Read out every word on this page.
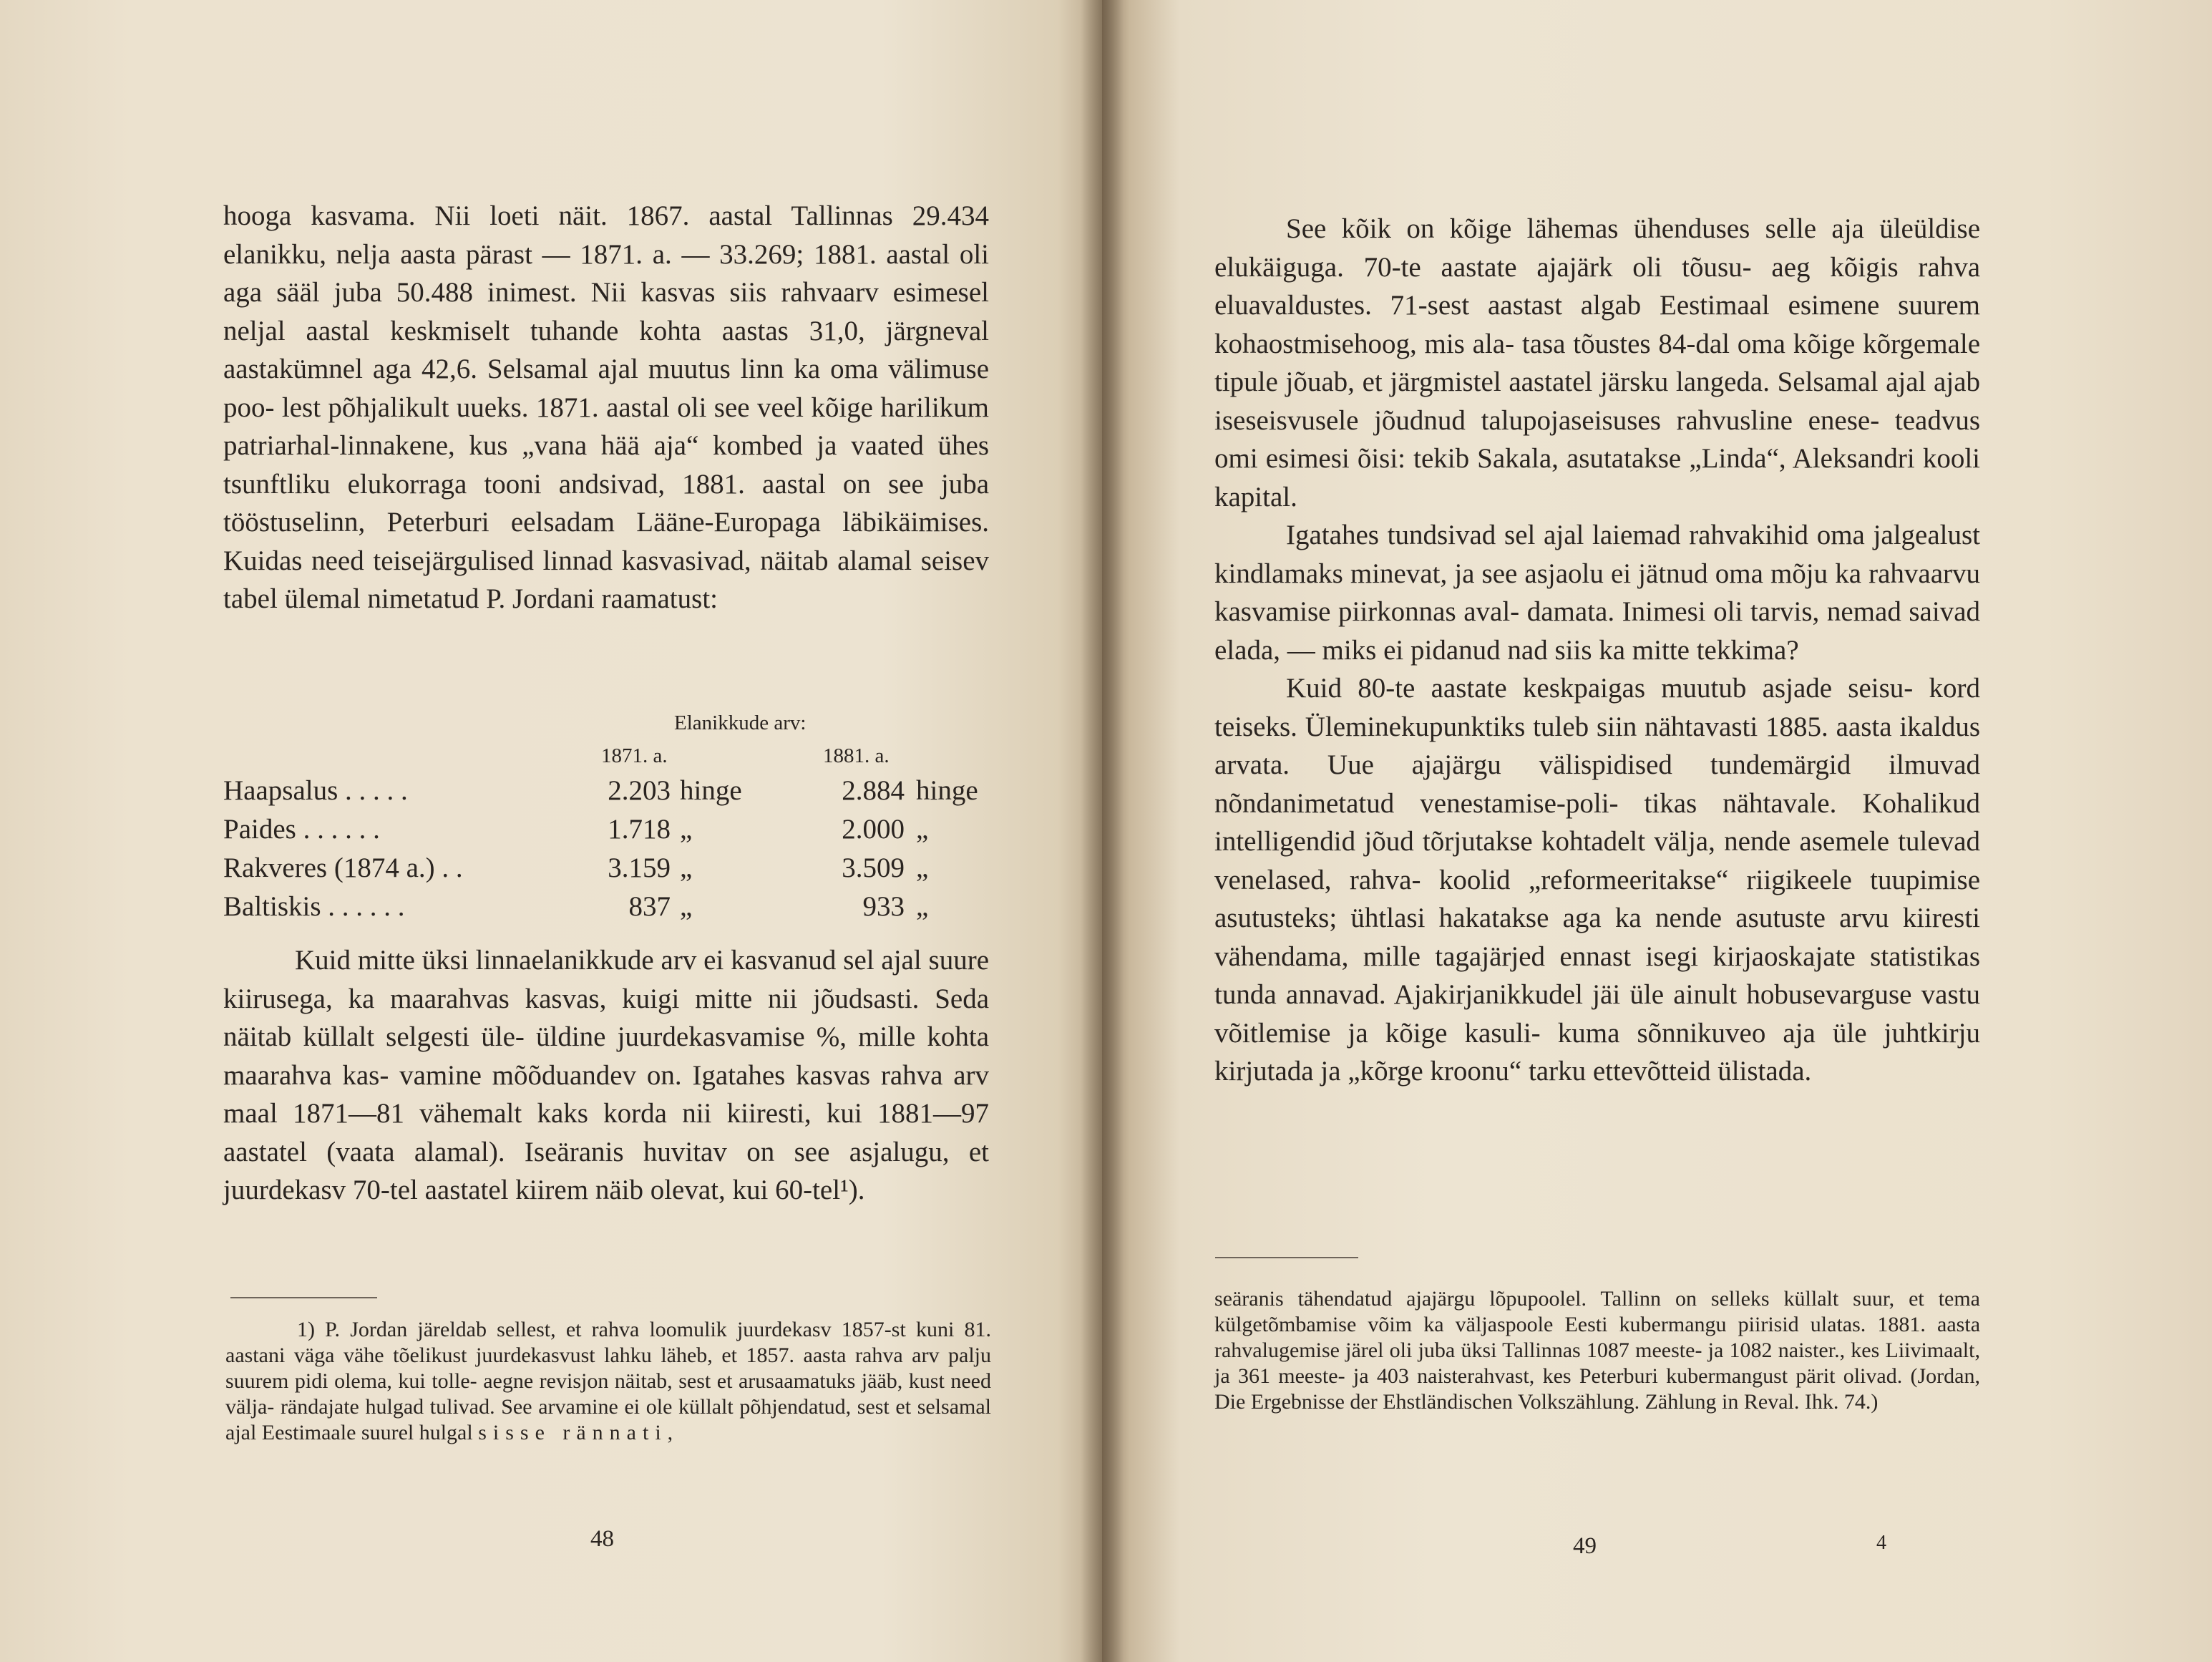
hooga kasvama. Nii loeti näit. 1867. aastal Tallinnas 29.434 elanikku, nelja aasta pärast — 1871. a. — 33.269; 1881. aastal oli aga sääl juba 50.488 inimest. Nii kasvas siis rahvaarv esimesel neljal aastal keskmiselt tuhande kohta aastas 31,0, järgneval aastakümnel aga 42,6. Selsamal ajal muutus linn ka oma välimuse poo- lest põhjalikult uueks. 1871. aastal oli see veel kõige harilikum patriarhal-linnakene, kus „vana hää aja“ kombed ja vaated ühes tsunftliku elukorraga tooni andsivad, 1881. aastal on see juba tööstuselinn, Peterburi eelsadam Lääne-Europaga läbikäimises. Kuidas need teisejärgulised linnad kasvasivad, näitab alamal seisev tabel ülemal nimetatud P. Jordani raamatust:

Elanikkude arv:
1871. a.	1881. a.
Haapsalus . . . . .	2.203 hinge	2.884 hinge
Paides . . . . . .	1.718 „	2.000 „
Rakveres (1874 a.) . .	3.159 „	3.509 „
Baltiskis . . . . . .	837 „	933 „

Kuid mitte üksi linnaelanikkude arv ei kasvanud sel ajal suure kiirusega, ka maarahvas kasvas, kuigi mitte nii jõudsasti. Seda näitab küllalt selgesti üle- üldine juurdekasvamise %, mille kohta maarahva kas- vamine mõõduandev on. Igatahes kasvas rahva arv maal 1871—81 vähemalt kaks korda nii kiiresti, kui 1881—97 aastatel (vaata alamal). Iseäranis huvitav on see asjalugu, et juurdekasv 70-tel aastatel kiirem näib olevat, kui 60-tel¹).

1) P. Jordan järeldab sellest, et rahva loomulik juurdekasv 1857-st kuni 81. aastani väga vähe tõelikust juurdekasvust lahku läheb, et 1857. aasta rahva arv palju suurem pidi olema, kui tolle- aegne revisjon näitab, sest et arusaamatuks jääb, kust need välja- rändajate hulgad tulivad. See arvamine ei ole küllalt põhjendatud, sest et selsamal ajal Eestimaale suurel hulgal sisse rännati,

48

See kõik on kõige lähemas ühenduses selle aja üleüldise elukäiguga. 70-te aastate ajajärk oli tõusu- aeg kõigis rahva eluavaldustes. 71-sest aastast algab Eestimaal esimene suurem kohaostmisehoog, mis ala- tasa tõustes 84-dal oma kõige kõrgemale tipule jõuab, et järgmistel aastatel järsku langeda. Selsamal ajal ajab iseseisvusele jõudnud talupojaseisuses rahvusline enese- teadvus omi esimesi õisi: tekib Sakala, asutatakse „Linda“, Aleksandri kooli kapital.

Igatahes tundsivad sel ajal laiemad rahvakihid oma jalgealust kindlamaks minevat, ja see asjaolu ei jätnud oma mõju ka rahvaarvu kasvamise piirkonnas aval- damata. Inimesi oli tarvis, nemad saivad elada, — miks ei pidanud nad siis ka mitte tekkima?

Kuid 80-te aastate keskpaigas muutub asjade seisu- kord teiseks. Üleminekupunktiks tuleb siin nähtavasti 1885. aasta ikaldus arvata. Uue ajajärgu välispidised tundemärgid ilmuvad nõndanimetatud venestamise-poli- tikas nähtavale. Kohalikud intelligendid jõud tõrjutakse kohtadelt välja, nende asemele tulevad venelased, rahva- koolid „reformeeritakse“ riigikeele tuupimise asutusteks; ühtlasi hakatakse aga ka nende asutuste arvu kiiresti vähendama, mille tagajärjed ennast isegi kirjaoskajate statistikas tunda annavad. Ajakirjanikkudel jäi üle ainult hobusevarguse vastu võitlemise ja kõige kasuli- kuma sõnnikuveo aja üle juhtkirju kirjutada ja „kõrge kroonu“ tarku ettevõtteid ülistada.

seäranis tähendatud ajajärgu lõpupoolel. Tallinn on selleks küllalt suur, et tema külgetõmbamise võim ka väljaspoole Eesti kubermangu piirisid ulatas. 1881. aasta rahvalugemise järel oli juba üksi Tallinnas 1087 meeste- ja 1082 naister., kes Liivimaalt, ja 361 meeste- ja 403 naisterahvast, kes Peterburi kubermangust pärit olivad. (Jordan, Die Ergebnisse der Ehstländischen Volkszählung. Zählung in Reval. Ihk. 74.)

49	4
